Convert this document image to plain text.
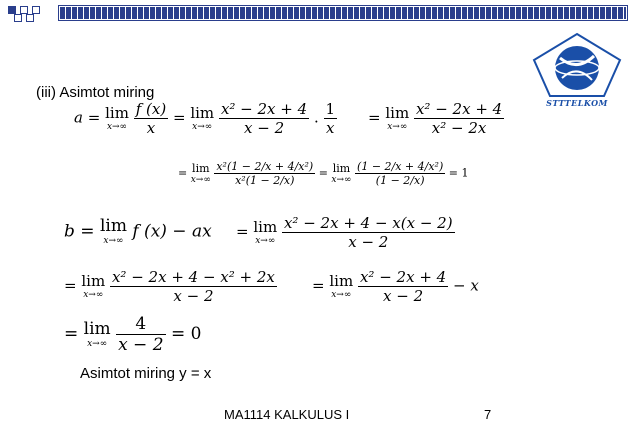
STTTELKOM
(iii) Asimtot miring
a = lim
x→∞
$\frac{f (x)}{x} = \lim$
x→∞
$\frac{\text{x² − 2x + 4}}{x - 2}$ . $\frac{1}{x} = \lim$
x→∞
$\frac{\text{x² − 2x + 4}}{\text{x² − 2x}}$
= lim
x→∞
$\frac{\text{x²(1 − 2/x + 4/x²)}}{\text{x²(1 − 2/x)}} = \lim$
x→∞
$\frac{\text{(1 − 2/x + 4/x²)}}{(1 - 2/x)} = 1$
b = lim
x→∞ f (x) − ax = lim
x→∞
$\frac{\text{x² − 2x + 4 − x(x − 2)}}{x - 2}$
= lim
x→∞
$\frac{\text{x² − 2x + 4 − x² + 2x}}{x - 2} = \lim$
x→∞
$\frac{\text{x² − 2x + 4}}{x - 2} - x$
= lim
x→∞
$\frac{4}{x - 2} = 0$
Asimtot miring y = x
MA1114 KALKULUS I	7
